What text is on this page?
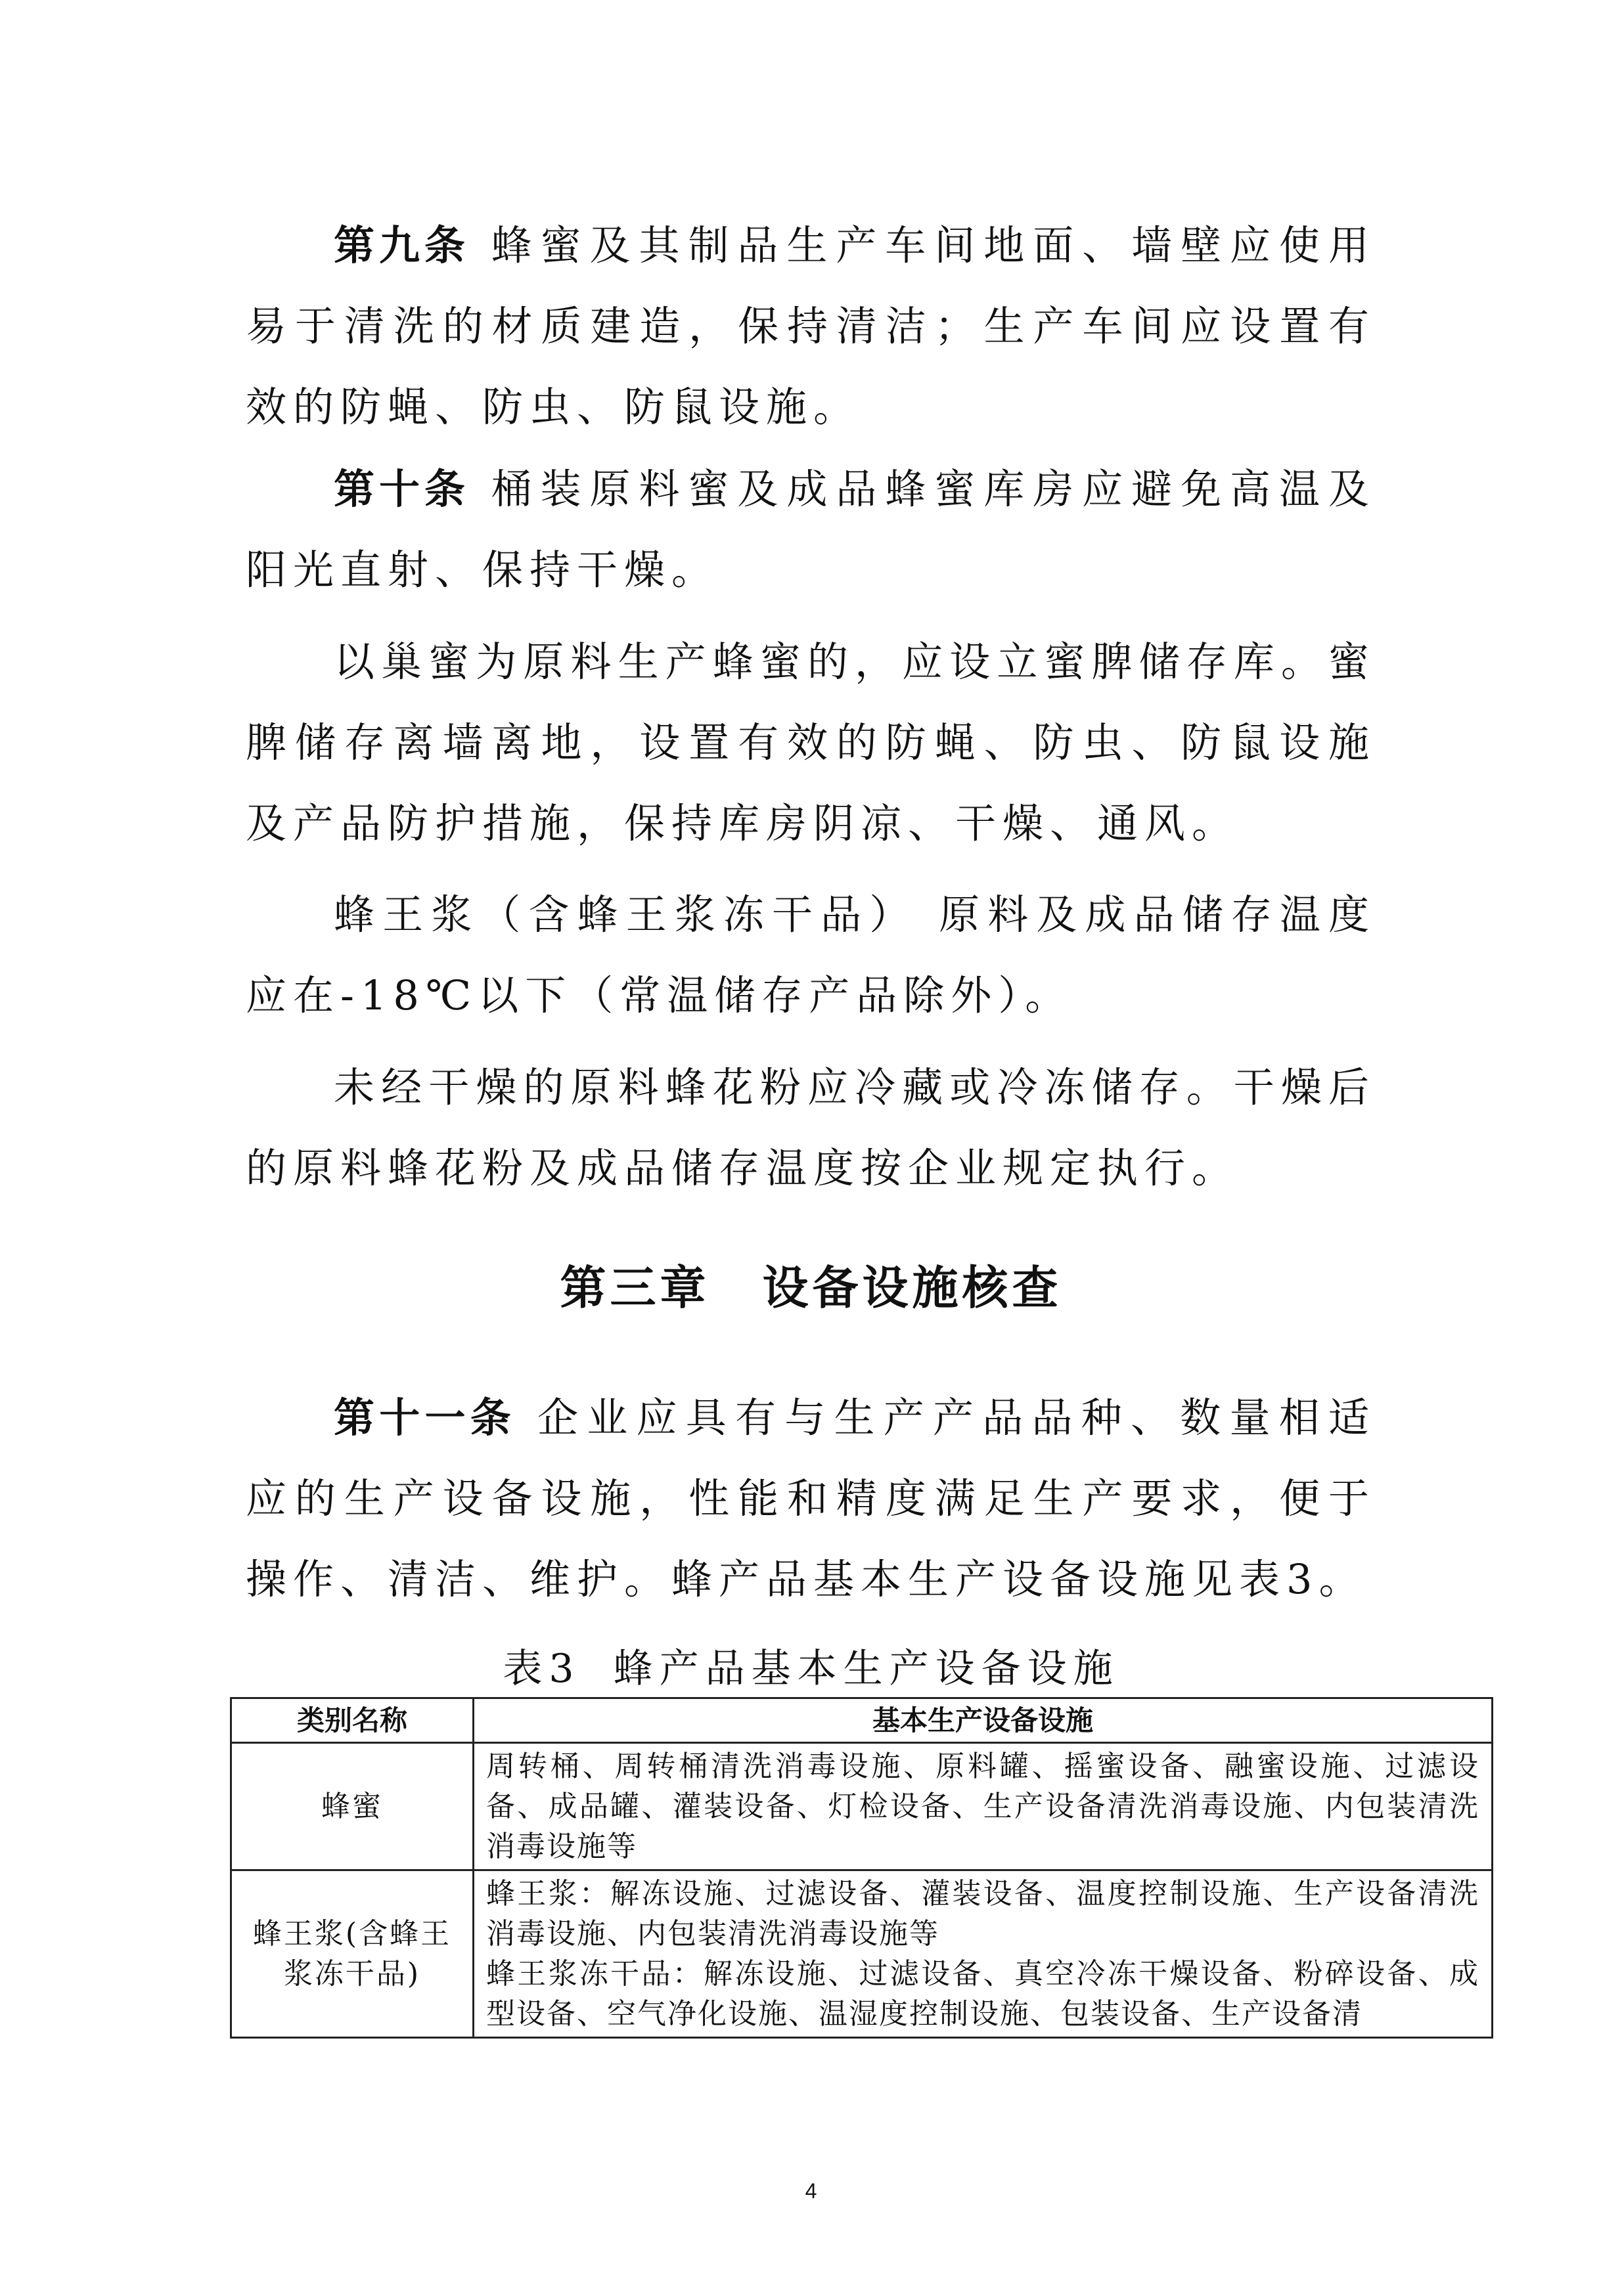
第九条 蜂蜜及其制品生产车间地面、墙壁应使用易于清洗的材质建造，保持清洁；生产车间应设置有效的防蝇、防虫、防鼠设施。

第十条 桶装原料蜜及成品蜂蜜库房应避免高温及阳光直射、保持干燥。

以巢蜜为原料生产蜂蜜的，应设立蜜脾储存库。蜜脾储存离墙离地，设置有效的防蝇、防虫、防鼠设施及产品防护措施，保持库房阴凉、干燥、通风。

蜂王浆（含蜂王浆冻干品） 原料及成品储存温度应在-18℃以下（常温储存产品除外）。

未经干燥的原料蜂花粉应冷藏或冷冻储存。干燥后的原料蜂花粉及成品储存温度按企业规定执行。

第三章 设备设施核查

第十一条 企业应具有与生产产品品种、数量相适应的生产设备设施，性能和精度满足生产要求，便于操作、清洁、维护。蜂产品基本生产设备设施见表3。

表3 蜂产品基本生产设备设施

类别名称	基本生产设备设施
蜂蜜	周转桶、周转桶清洗消毒设施、原料罐、摇蜜设备、融蜜设施、过滤设备、成品罐、灌装设备、灯检设备、生产设备清洗消毒设施、内包装清洗消毒设施等

蜂王浆(含蜂王浆冻干品)	蜂王浆：解冻设施、过滤设备、灌装设备、温度控制设施、生产设备清洗消毒设施、内包装清洗消毒设施等
蜂王浆冻干品：解冻设施、过滤设备、真空冷冻干燥设备、粉碎设备、成型设备、空气净化设施、温湿度控制设施、包装设备、生产设备清

4
